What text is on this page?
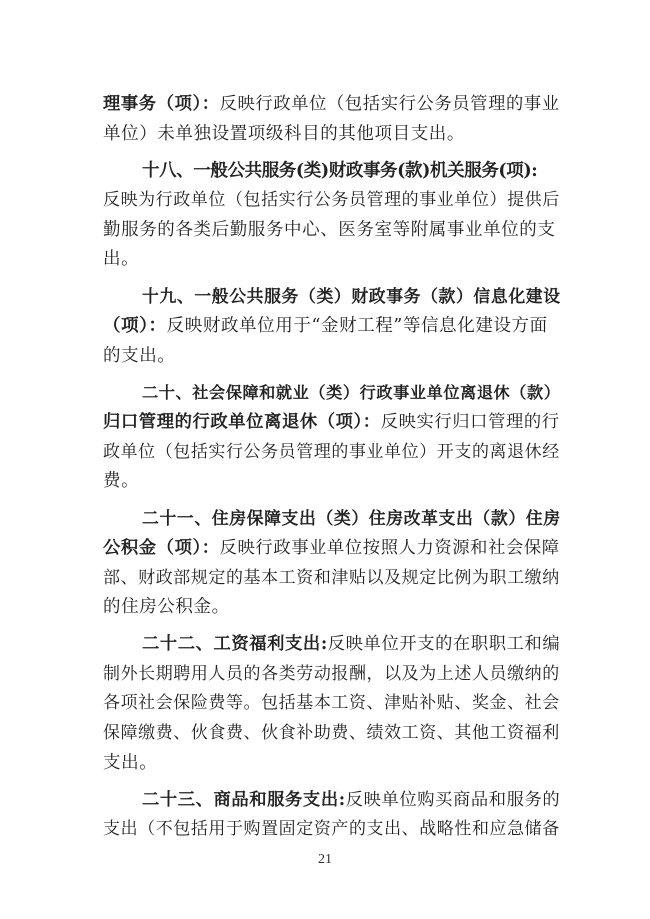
理事务（项）：反映行政单位（包括实行公务员管理的事业
单位）未单独设置项级科目的其他项目支出。
十八、一般公共服务(类)财政事务(款)机关服务(项):
反映为行政单位（包括实行公务员管理的事业单位）提供后
勤服务的各类后勤服务中心、医务室等附属事业单位的支
出。
十九、一般公共服务（类）财政事务（款）信息化建设
（项）：反映财政单位用于“金财工程”等信息化建设方面
的支出。
二十、社会保障和就业（类）行政事业单位离退休（款）
归口管理的行政单位离退休（项）：反映实行归口管理的行
政单位（包括实行公务员管理的事业单位）开支的离退休经
费。
二十一、住房保障支出（类）住房改革支出（款）住房
公积金（项）：反映行政事业单位按照人力资源和社会保障
部、财政部规定的基本工资和津贴以及规定比例为职工缴纳
的住房公积金。
二十二、工资福利支出:反映单位开支的在职职工和编
制外长期聘用人员的各类劳动报酬，以及为上述人员缴纳的
各项社会保险费等。包括基本工资、津贴补贴、奖金、社会
保障缴费、伙食费、伙食补助费、绩效工资、其他工资福利
支出。
二十三、商品和服务支出:反映单位购买商品和服务的
支出（不包括用于购置固定资产的支出、战略性和应急储备
21
